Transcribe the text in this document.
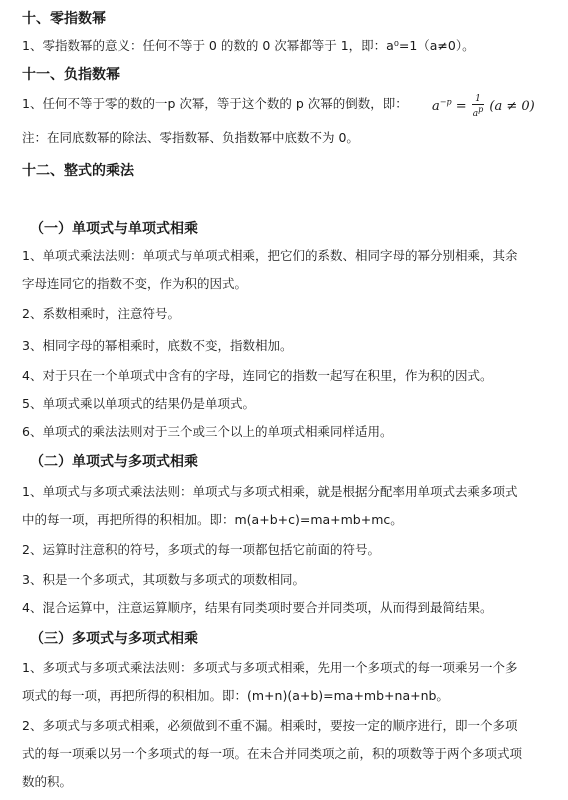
十、零指数幂
1、零指数幂的意义：任何不等于 0 的数的 0 次幂都等于 1，即：a⁰=1（a≠0）。
十一、负指数幂
1、任何不等于零的数的一p 次幂，等于这个数的 p 次幂的倒数，即： $a^{-p} = \frac{1}{ap} (a \ne 0)$
注：在同底数幂的除法、零指数幂、负指数幂中底数不为 0。
十二、整式的乘法
（一）单项式与单项式相乘
1、单项式乘法法则：单项式与单项式相乘，把它们的系数、相同字母的幂分别相乘，其余
字母连同它的指数不变，作为积的因式。
2、系数相乘时，注意符号。
3、相同字母的幂相乘时，底数不变，指数相加。
4、对于只在一个单项式中含有的字母，连同它的指数一起写在积里，作为积的因式。
5、单项式乘以单项式的结果仍是单项式。
6、单项式的乘法法则对于三个或三个以上的单项式相乘同样适用。
（二）单项式与多项式相乘
1、单项式与多项式乘法法则：单项式与多项式相乘，就是根据分配率用单项式去乘多项式
中的每一项，再把所得的积相加。即：m(a+b+c)=ma+mb+mc。
2、运算时注意积的符号，多项式的每一项都包括它前面的符号。
3、积是一个多项式，其项数与多项式的项数相同。
4、混合运算中，注意运算顺序，结果有同类项时要合并同类项，从而得到最简结果。
（三）多项式与多项式相乘
1、多项式与多项式乘法法则：多项式与多项式相乘，先用一个多项式的每一项乘另一个多
项式的每一项，再把所得的积相加。即：(m+n)(a+b)=ma+mb+na+nb。
2、多项式与多项式相乘，必须做到不重不漏。相乘时，要按一定的顺序进行，即一个多项
式的每一项乘以另一个多项式的每一项。在未合并同类项之前，积的项数等于两个多项式项
数的积。
